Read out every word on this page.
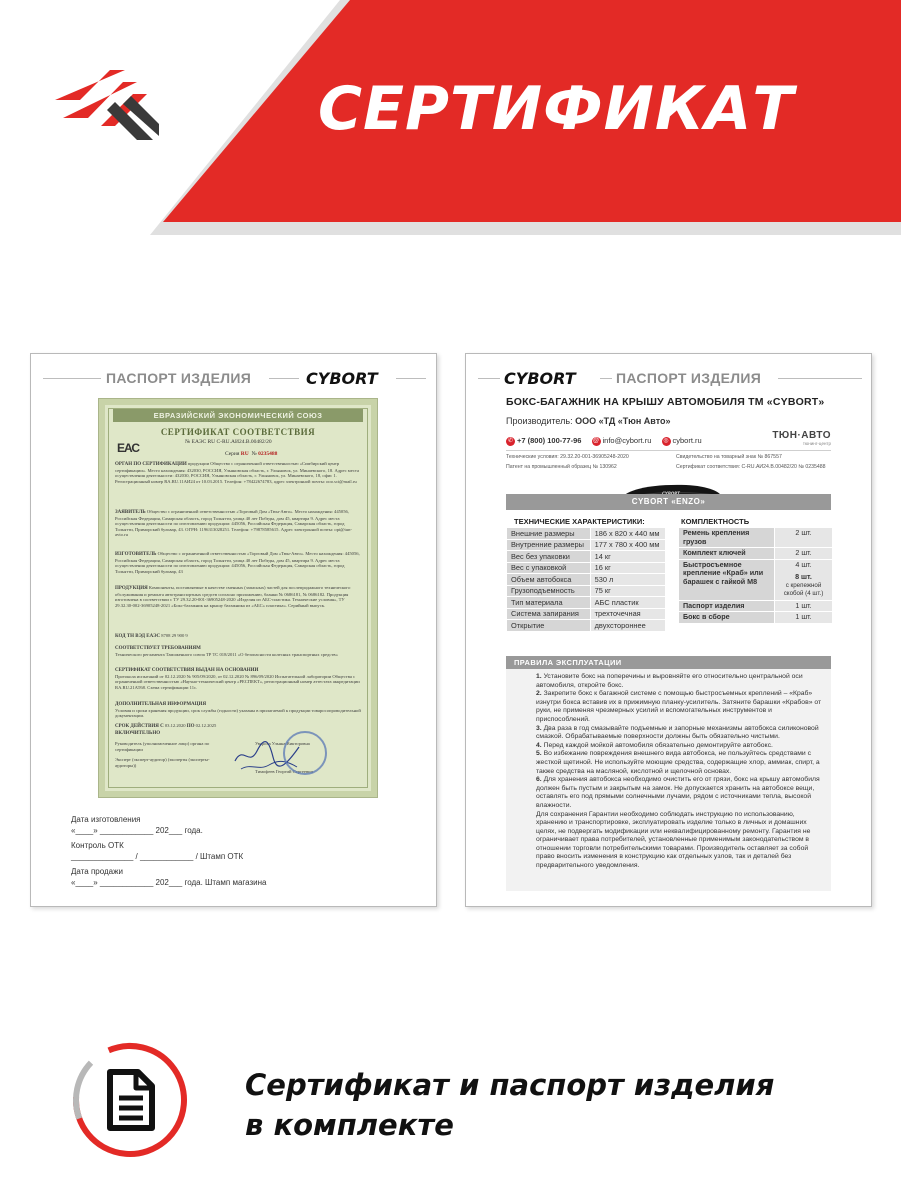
СЕРТИФИКАТ
ПАСПОРТ ИЗДЕЛИЯ	CYBORT
ЕВРАЗИЙСКИЙ ЭКОНОМИЧЕСКИЙ СОЮЗ
СЕРТИФИКАТ СООТВЕТСТВИЯ
ЕАС	№ ЕАЭС RU C-RU.АИ24.В.00482/20
Серия RU  № 0235488
ОРГАН ПО СЕРТИФИКАЦИИ продукции Общество с ограниченной ответственностью «Симбирский центр сертификации». Место нахождения: 432030, РОССИЯ, Ульяновская область, г. Ульяновск, ул. Минаевского, 18. Адрес места осуществления деятельности: 432030, РОССИЯ, Ульяновская область, г. Ульяновск, ул. Минаевского, 18, офис 1. Регистрационный номер RA.RU.11АИ24 от 10.03.2015. Телефон: +78422674783, адрес электронной почты: ooo.sct@mail.ru
ЗАЯВИТЕЛЬ Общество с ограниченной ответственностью «Торговый Дом «Тюн-Авто». Место нахождения: 445056, Российская Федерация, Самарская область, город Тольятти, улица 40 лет Победы, дом 45, квартира 9. Адрес места осуществления деятельности по изготовлению продукции: 445056, Российская Федерация, Самарская область, город Тольятти, Приморский бульвар, 43. ОГРН: 1196313028251. Телефон: +79878585615. Адрес электронной почты: opt@tun-avto.ru
ИЗГОТОВИТЕЛЬ Общество с ограниченной ответственностью «Торговый Дом «Тюн-Авто». Место нахождения: 445056, Российская Федерация, Самарская область, город Тольятти, улица 40 лет Победы, дом 45, квартира 9. Адрес места осуществления деятельности по изготовлению продукции: 445056, Российская Федерация, Самарская область, город Тольятти, Приморский бульвар, 43
ПРОДУКЦИЯ Компоненты, поставляемые в качестве сменных (запасных) частей для послепродажного технического обслуживания и ремонта автотранспортных средств согласно приложению, бланки № 0686181, № 0686182. Продукция изготовлена в соответствии с ТУ 29.32.20-001-36905248-2020 «Изделия из АБС-пластика. Технические условия», ТУ 29.32.30-002-36905248-2021 «Бокс-багажник на крышу багажника из «АБС» пластика». Серийный выпуск.
КОД ТН ВЭД ЕАЭС 8708 29 900 9
СООТВЕТСТВУЕТ ТРЕБОВАНИЯМ
Технического регламента Таможенного союза ТР ТС 018/2011 «О безопасности колесных транспортных средств»
СЕРТИФИКАТ СООТВЕТСТВИЯ ВЫДАН НА ОСНОВАНИИ
Протокола испытаний от 02.12.2020 № 905/09/2020, от 02.12.2020 № 896/09/2020 Испытательной лаборатории Общества с ограниченной ответственностью «Научно-технический центр «РЕСПЕКТ», регистрационный номер аттестата аккредитации RA.RU.21АТ68. Схема сертификации 11с.
ДОПОЛНИТЕЛЬНАЯ ИНФОРМАЦИЯ
Условия и сроки хранения продукции, срок службы (годности) указаны в прилагаемой к продукции товаросопроводительной документации.
СРОК ДЕЙСТВИЯ С 03.12.2020 ПО 02.12.2025
ВКЛЮЧИТЕЛЬНО
Руководитель (уполномоченное лицо) органа по сертификации
Уварова Ульяна Викторовна
Эксперт (эксперт-аудитор) (эксперты (эксперты-аудиторы))
Тимофеев Георгий Сергеевич
Дата изготовления
«____» ____________ 202___ года.
Контроль ОТК
______________ / ____________ / Штамп ОТК
Дата продажи
«____» ____________ 202___ года. Штамп магазина
CYBORT	ПАСПОРТ ИЗДЕЛИЯ
БОКС-БАГАЖНИК НА КРЫШУ АВТОМОБИЛЯ ТМ «CYBORT»
Производитель: ООО «ТД «Тюн Авто»
✆ +7 (800) 100-77-96 @ info@cybort.ru ◎ cybort.ru	ТЮН·АВТО
тюнинг-центр
Технические условия: 29.32.20-001-36905248-2020	Свидетельство на товарный знак № 867557
Патент на промышленный образец № 130962	Сертификат соответствия: C-RU.АИ24.В.00482/20 № 0235488
CYBORT «ENZO»
ТЕХНИЧЕСКИЕ ХАРАКТЕРИСТИКИ:
Внешние размеры	186 х 820 х 440 мм
Внутренние размеры	177 х 780 х 400 мм
Вес без упаковки	14 кг
Вес с упаковкой	16 кг
Объем автобокса	530 л
Грузоподъемность	75 кг
Тип материала	АБС пластик
Система запирания	трехточечная
Открытие	двухстороннее
КОМПЛЕКТНОСТЬ
Ремень крепления грузов	2 шт.

Комплект ключей	2 шт.

Быстросъемное крепление «Краб» или барашек с гайкой М8	4 шт.
8 шт.
с крепежной скобой (4 шт.)

Паспорт изделия	1 шт.

Бокс в сборе	1 шт.
ПРАВИЛА ЭКСПЛУАТАЦИИ

1. Установите бокс на поперечины и выровняйте его относительно центральной оси автомобиля, откройте бокс.

2. Закрепите бокс к багажной системе с помощью быстросъемных креплений – «Краб» изнутри бокса вставив их в прижимную планку-усилитель. Затяните барашки «Крабов» от руки, не применяя чрезмерных усилий и вспомогательных инструментов и приспособлений.

3. Два раза в год смазывайте подъемные и запорные механизмы автобокса силиконовой смазкой. Обрабатываемые поверхности должны быть обязательно чистыми.

4. Перед каждой мойкой автомобиля обязательно демонтируйте автобокс.

5. Во избежание повреждения внешнего вида автобокса, не пользуйтесь средствами с жесткой щетиной. Не используйте моющие средства, содержащие хлор, аммиак, спирт, а также средства на масляной, кислотной и щелочной основах.

6. Для хранения автобокса необходимо очистить его от грязи, бокс на крышу автомобиля должен быть пустым и закрытым на замок. Не допускается хранить на автобоксе вещи, оставлять его под прямыми солнечными лучами, рядом с источниками тепла, высокой влажности.

Для сохранения Гарантии необходимо соблюдать инструкцию по использованию, хранению и транспортировке, эксплуатировать изделие только в личных и домашних целях, не подвергать модификации или неквалифицированному ремонту. Гарантия не ограничивает права потребителей, установленные применимым законодательством в отношении торговли потребительскими товарами. Производитель оставляет за собой право вносить изменения в конструкцию как отдельных узлов, так и деталей без предварительного уведомления.

Сертификат и паспорт изделия
в комплекте
